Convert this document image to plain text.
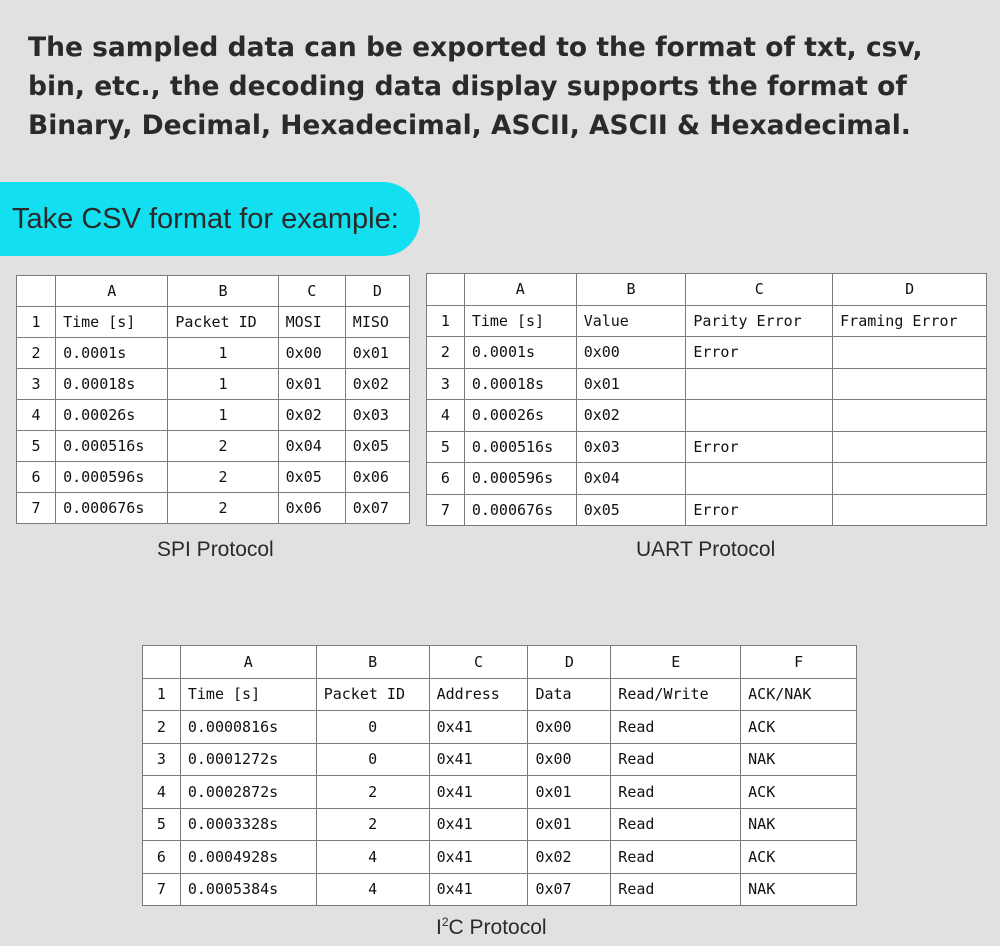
The sampled data can be exported to the format of txt, csv, bin, etc., the decoding data display supports the format of Binary, Decimal, Hexadecimal, ASCII, ASCII & Hexadecimal.

Take CSV format for example:
	A	B	C	D
1	Time [s]	Packet ID	MOSI	MISO
2	0.0001s	1	0x00	0x01
3	0.00018s	1	0x01	0x02
4	0.00026s	1	0x02	0x03
5	0.000516s	2	0x04	0x05
6	0.000596s	2	0x05	0x06
7	0.000676s	2	0x06	0x07
SPI Protocol
	A	B	C	D
1	Time [s]	Value	Parity Error	Framing Error
2	0.0001s	0x00	Error	
3	0.00018s	0x01		
4	0.00026s	0x02		
5	0.000516s	0x03	Error	
6	0.000596s	0x04		
7	0.000676s	0x05	Error	
UART Protocol
	A	B	C	D	E	F
1	Time [s]	Packet ID	Address	Data	Read/Write	ACK/NAK
2	0.0000816s	0	0x41	0x00	Read	ACK
3	0.0001272s	0	0x41	0x00	Read	NAK
4	0.0002872s	2	0x41	0x01	Read	ACK
5	0.0003328s	2	0x41	0x01	Read	NAK
6	0.0004928s	4	0x41	0x02	Read	ACK
7	0.0005384s	4	0x41	0x07	Read	NAK
$I^2C$ Protocol
